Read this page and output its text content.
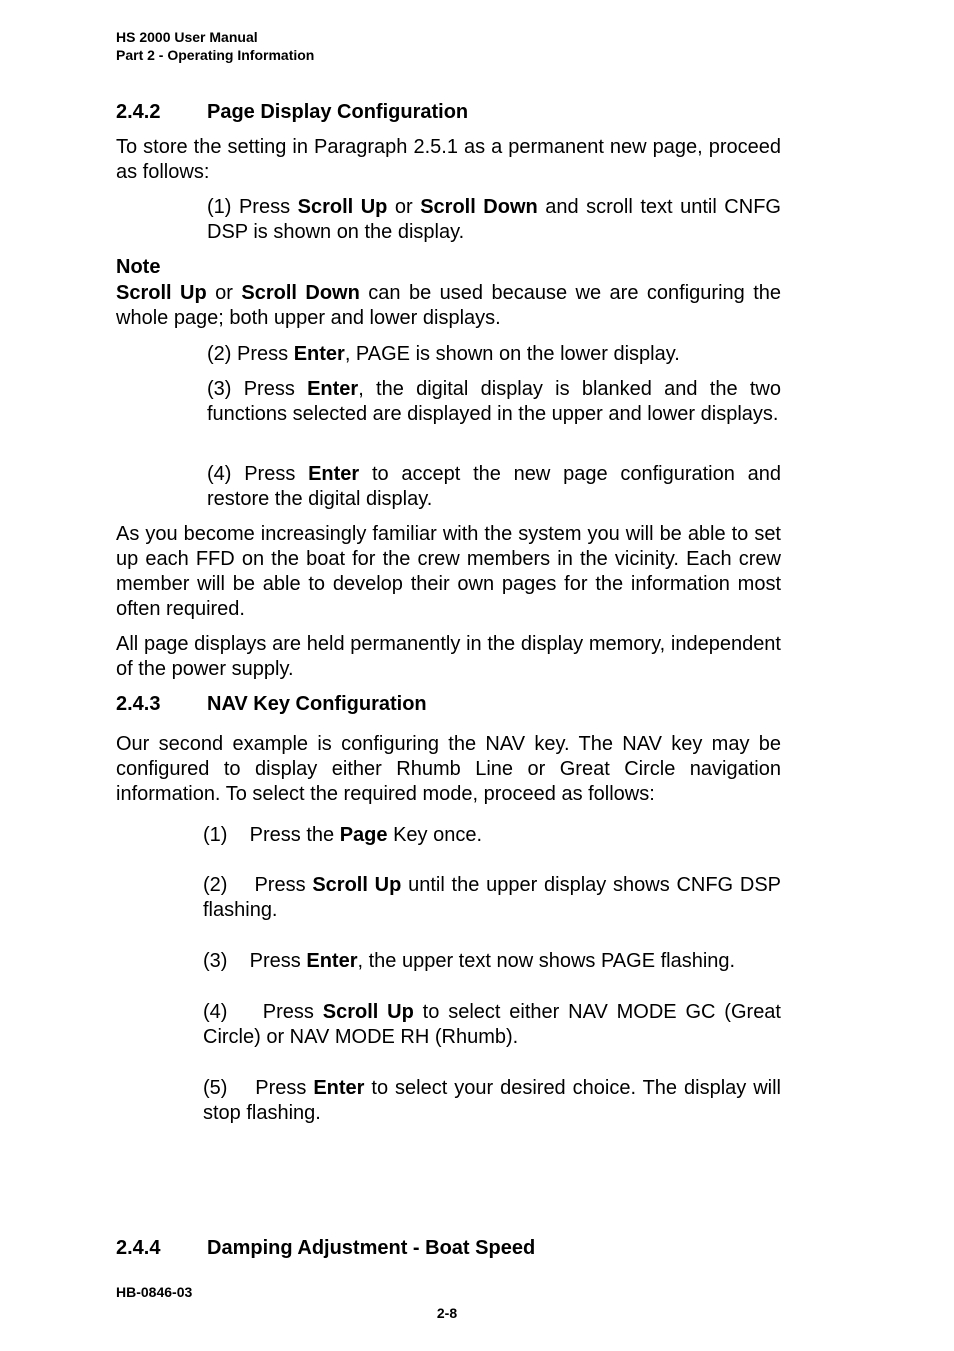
HS 2000 User Manual
Part 2 - Operating Information
2.4.2 Page Display Configuration
To store the setting in Paragraph 2.5.1 as a permanent new page, proceed as follows:
(1) Press Scroll Up or Scroll Down and scroll text until CNFG DSP is shown on the display.
Note
Scroll Up or Scroll Down can be used because we are configuring the whole page; both upper and lower displays.
(2) Press Enter, PAGE is shown on the lower display.
(3) Press Enter, the digital display is blanked and the two functions selected are displayed in the upper and lower displays.
(4) Press Enter to accept the new page configuration and restore the digital display.
As you become increasingly familiar with the system you will be able to set up each FFD on the boat for the crew members in the vicinity. Each crew member will be able to develop their own pages for the information most often required.
All page displays are held permanently in the display memory, independent of the power supply.
2.4.3 NAV Key Configuration
Our second example is configuring the NAV key. The NAV key may be configured to display either Rhumb Line or Great Circle navigation information. To select the required mode, proceed as follows:
(1)    Press the Page Key once.
(2)    Press Scroll Up until the upper display shows CNFG DSP flashing.
(3)    Press Enter, the upper text now shows PAGE flashing.
(4)    Press Scroll Up to select either NAV MODE GC (Great Circle) or NAV MODE RH (Rhumb).
(5)    Press Enter to select your desired choice. The display will stop flashing.
2.4.4 Damping Adjustment - Boat Speed
HB-0846-03
2-8
